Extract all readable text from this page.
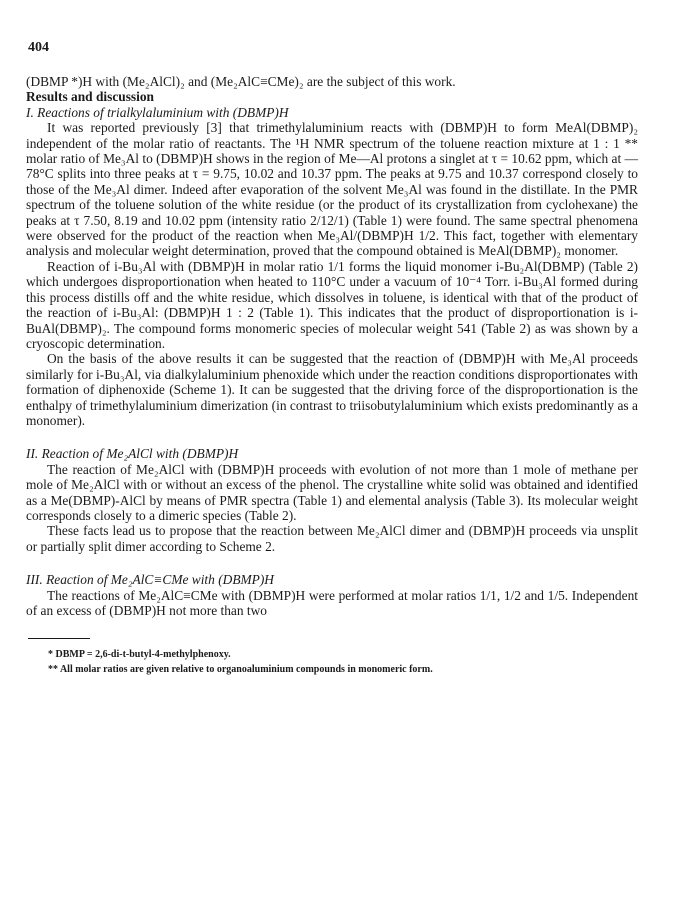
404

(DBMP *)H with (Me₂AlCl)₂ and (Me₂AlC≡CMe)₂ are the subject of this work.

Results and discussion

I. Reactions of trialkylaluminium with (DBMP)H

It was reported previously [3] that trimethylaluminium reacts with (DBMP)H to form MeAl(DBMP)₂ independent of the molar ratio of reactants. The ¹H NMR spectrum of the toluene reaction mixture at 1 : 1 ** molar ratio of Me₃Al to (DBMP)H shows in the region of Me—Al protons a singlet at τ = 10.62 ppm, which at —78°C splits into three peaks at τ = 9.75, 10.02 and 10.37 ppm. The peaks at 9.75 and 10.37 correspond closely to those of the Me₃Al dimer. Indeed after evaporation of the solvent Me₃Al was found in the distillate. In the PMR spectrum of the toluene solution of the white residue (or the product of its crystallization from cyclohexane) the peaks at τ 7.50, 8.19 and 10.02 ppm (intensity ratio 2/12/1) (Table 1) were found. The same spectral phenomena were observed for the product of the reaction when Me₃Al/(DBMP)H 1/2. This fact, together with elementary analysis and molecular weight determination, proved that the compound obtained is MeAl(DBMP)₂ monomer.

Reaction of i-Bu₃Al with (DBMP)H in molar ratio 1/1 forms the liquid monomer i-Bu₂Al(DBMP) (Table 2) which undergoes disproportionation when heated to 110°C under a vacuum of 10⁻⁴ Torr. i-Bu₃Al formed during this process distills off and the white residue, which dissolves in toluene, is identical with that of the product of the reaction of i-Bu₃Al: (DBMP)H 1 : 2 (Table 1). This indicates that the product of disproportionation is i-BuAl(DBMP)₂. The compound forms monomeric species of molecular weight 541 (Table 2) as was shown by a cryoscopic determination.

On the basis of the above results it can be suggested that the reaction of (DBMP)H with Me₃Al proceeds similarly for i-Bu₃Al, via dialkylaluminium phenoxide which under the reaction conditions disproportionates with formation of diphenoxide (Scheme 1). It can be suggested that the driving force of the disproportionation is the enthalpy of trimethylaluminium dimerization (in contrast to triisobutylaluminium which exists predominantly as a monomer).

II. Reaction of Me₂AlCl with (DBMP)H

The reaction of Me₂AlCl with (DBMP)H proceeds with evolution of not more than 1 mole of methane per mole of Me₂AlCl with or without an excess of the phenol. The crystalline white solid was obtained and identified as a Me(DBMP)-AlCl by means of PMR spectra (Table 1) and elemental analysis (Table 3). Its molecular weight corresponds closely to a dimeric species (Table 2).

These facts lead us to propose that the reaction between Me₂AlCl dimer and (DBMP)H proceeds via unsplit or partially split dimer according to Scheme 2.

III. Reaction of Me₂AlC≡CMe with (DBMP)H

The reactions of Me₂AlC≡CMe with (DBMP)H were performed at molar ratios 1/1, 1/2 and 1/5. Independent of an excess of (DBMP)H not more than two

* DBMP = 2,6-di-t-butyl-4-methylphenoxy.

** All molar ratios are given relative to organoaluminium compounds in monomeric form.
